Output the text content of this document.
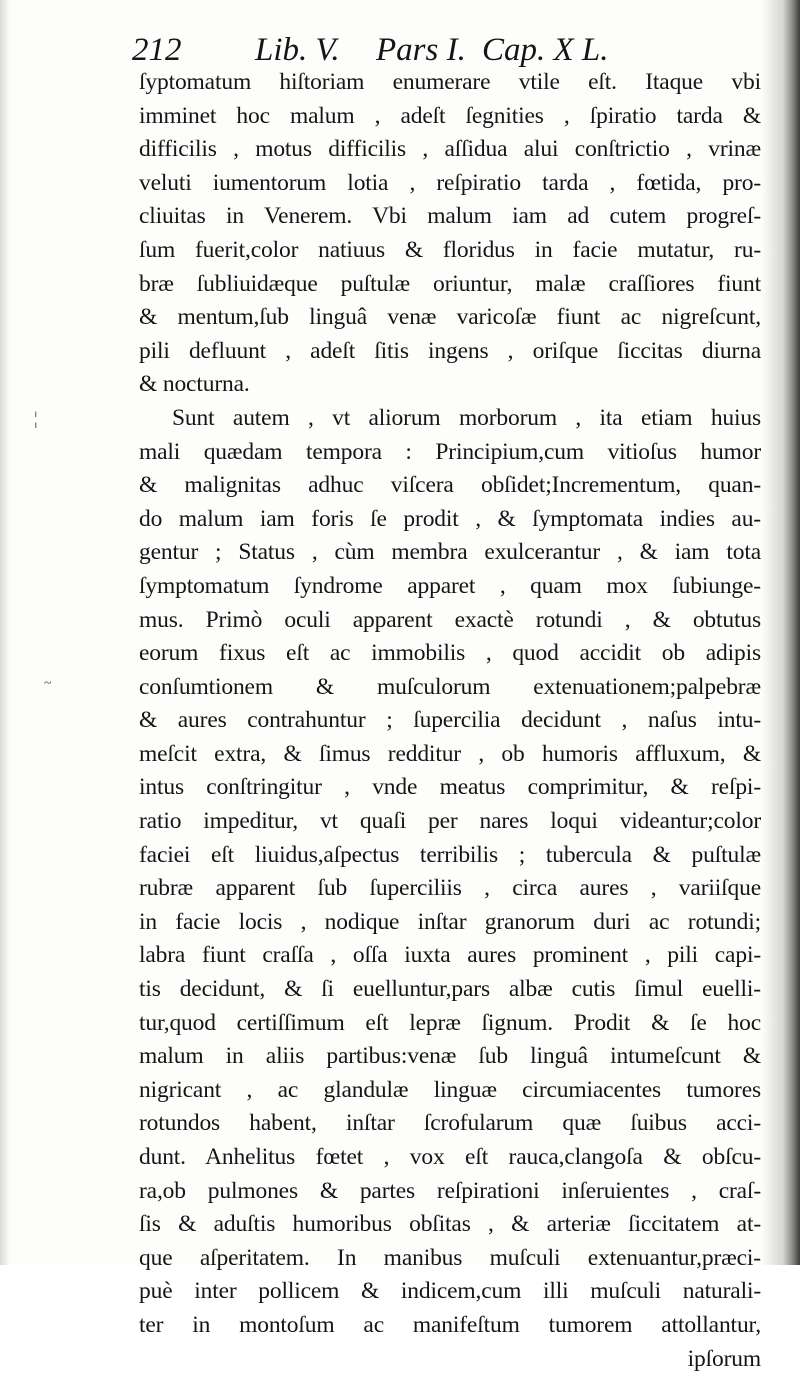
212 Lib. V. Pars I. Cap. X L.
ſyptomatum hiſtoriam enumerare vtile eſt. Itaque vbi
imminet hoc malum , adeſt ſegnities , ſpiratio tarda &
difficilis , motus difficilis , aſſidua alui conſtrictio , vrinæ
veluti iumentorum lotia , reſpiratio tarda , fœtida, pro-
cliuitas in Venerem. Vbi malum iam ad cutem progreſ-
ſum fuerit,color natiuus & floridus in facie mutatur, ru-
bræ ſubliuidæque puſtulæ oriuntur, malæ craſſiores fiunt
& mentum,ſub linguâ venæ varicoſæ fiunt ac nigreſcunt,
pili defluunt , adeſt ſitis ingens , oriſque ſiccitas diurna
& nocturna.
Sunt autem , vt aliorum morborum , ita etiam huius
mali quædam tempora : Principium,cum vitioſus humor
& malignitas adhuc viſcera obſidet;Incrementum, quan-
do malum iam foris ſe prodit , & ſymptomata indies au-
gentur ; Status , cùm membra exulcerantur , & iam tota
ſymptomatum ſyndrome apparet , quam mox ſubiunge-
mus. Primò oculi apparent exactè rotundi , & obtutus
eorum fixus eſt ac immobilis , quod accidit ob adipis
conſumtionem & muſculorum extenuationem;palpebræ
& aures contrahuntur ; ſupercilia decidunt , naſus intu-
meſcit extra, & ſimus redditur , ob humoris affluxum, &
intus conſtringitur , vnde meatus comprimitur, & reſpi-
ratio impeditur, vt quaſi per nares loqui videantur;color
faciei eſt liuidus,aſpectus terribilis ; tubercula & puſtulæ
rubræ apparent ſub ſuperciliis , circa aures , variiſque
in facie locis , nodique inſtar granorum duri ac rotundi;
labra fiunt craſſa , oſſa iuxta aures prominent , pili capi-
tis decidunt, & ſi euelluntur,pars albæ cutis ſimul euelli-
tur,quod certiſſimum eſt lepræ ſignum. Prodit & ſe hoc
malum in aliis partibus:venæ ſub linguâ intumeſcunt &
nigricant , ac glandulæ linguæ circumiacentes tumores
rotundos habent, inſtar ſcrofularum quæ ſuibus acci-
dunt. Anhelitus fœtet , vox eſt rauca,clangoſa & obſcu-
ra,ob pulmones & partes reſpirationi inſeruientes , craſ-
ſis & aduſtis humoribus obſitas , & arteriæ ſiccitatem at-
que aſperitatem. In manibus muſculi extenuantur,præci-
puè inter pollicem & indicem,cum illi muſculi naturali-
ter in montoſum ac manifeſtum tumorem attollantur,
ipſorum
¦
~
